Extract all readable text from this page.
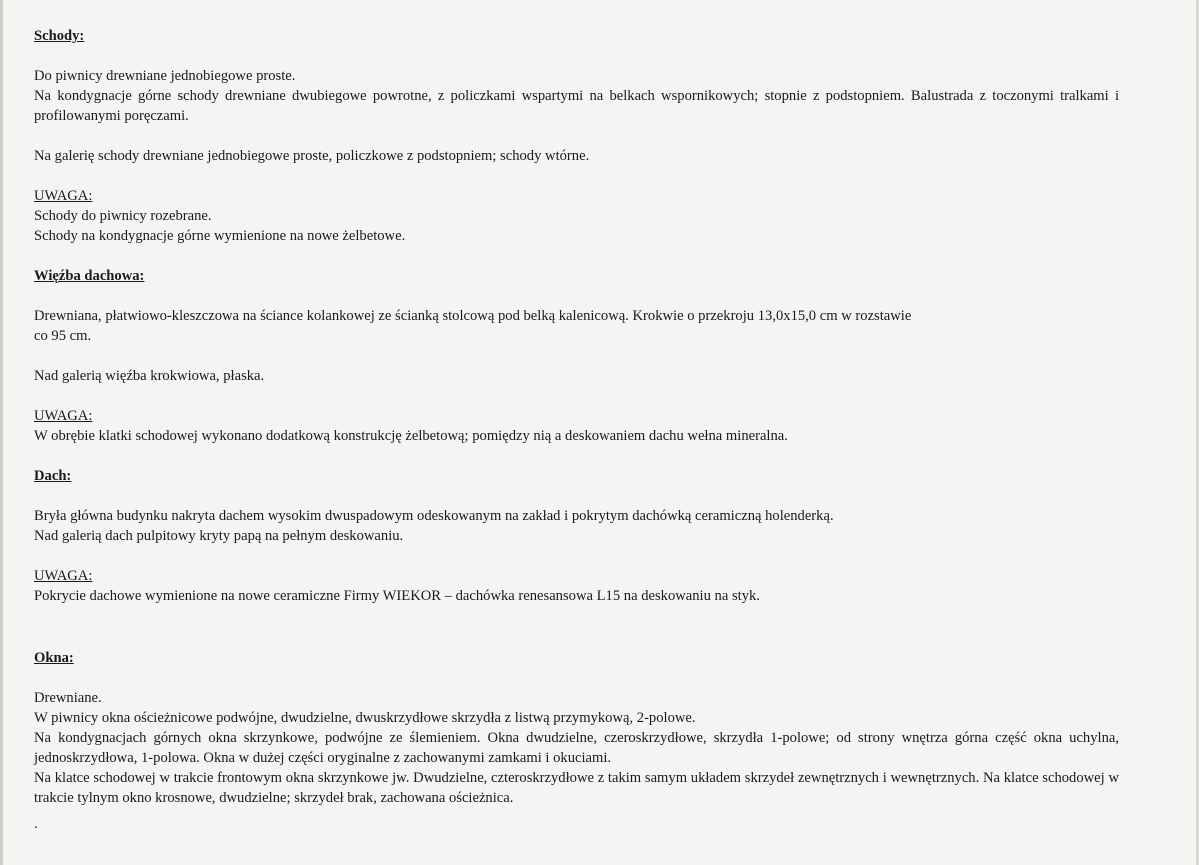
Schody:

Do piwnicy drewniane jednobiegowe proste.

Na kondygnacje górne schody drewniane dwubiegowe powrotne, z policzkami wspartymi na belkach wspornikowych; stopnie z podstopniem. Balustrada z toczonymi tralkami i profilowanymi poręczami.

Na galerię schody drewniane jednobiegowe proste, policzkowe z podstopniem; schody wtórne.

UWAGA:

Schody do piwnicy rozebrane.

Schody na kondygnacje górne wymienione na nowe żelbetowe.

Więźba dachowa:

Drewniana, płatwiowo-kleszczowa na ściance kolankowej ze ścianką stolcową pod belką kalenicową. Krokwie o przekroju 13,0x15,0 cm w rozstawie

co 95 cm.

Nad galerią więźba krokwiowa, płaska.

UWAGA:

W obrębie klatki schodowej wykonano dodatkową konstrukcję żelbetową; pomiędzy nią a deskowaniem dachu wełna mineralna.

Dach:

Bryła główna budynku nakryta dachem wysokim dwuspadowym odeskowanym na zakład i pokrytym dachówką ceramiczną holenderką.

Nad galerią dach pulpitowy kryty papą na pełnym deskowaniu.

UWAGA:

Pokrycie dachowe wymienione na nowe ceramiczne Firmy WIEKOR – dachówka renesansowa L15 na deskowaniu na styk.

Okna:

Drewniane.

W piwnicy okna ościeżnicowe podwójne, dwudzielne, dwuskrzydłowe skrzydła z listwą przymykową, 2-polowe.

Na kondygnacjach górnych okna skrzynkowe, podwójne ze ślemieniem. Okna dwudzielne, czeroskrzydłowe, skrzydła 1-polowe; od strony wnętrza górna część okna uchylna, jednoskrzydłowa, 1-polowa. Okna w dużej części oryginalne z zachowanymi zamkami i okuciami.

Na klatce schodowej w trakcie frontowym okna skrzynkowe jw. Dwudzielne, czteroskrzydłowe z takim samym układem skrzydeł zewnętrznych i wewnętrznych. Na klatce schodowej w trakcie tylnym okno krosnowe, dwudzielne; skrzydeł brak, zachowana ościeżnica.

.
